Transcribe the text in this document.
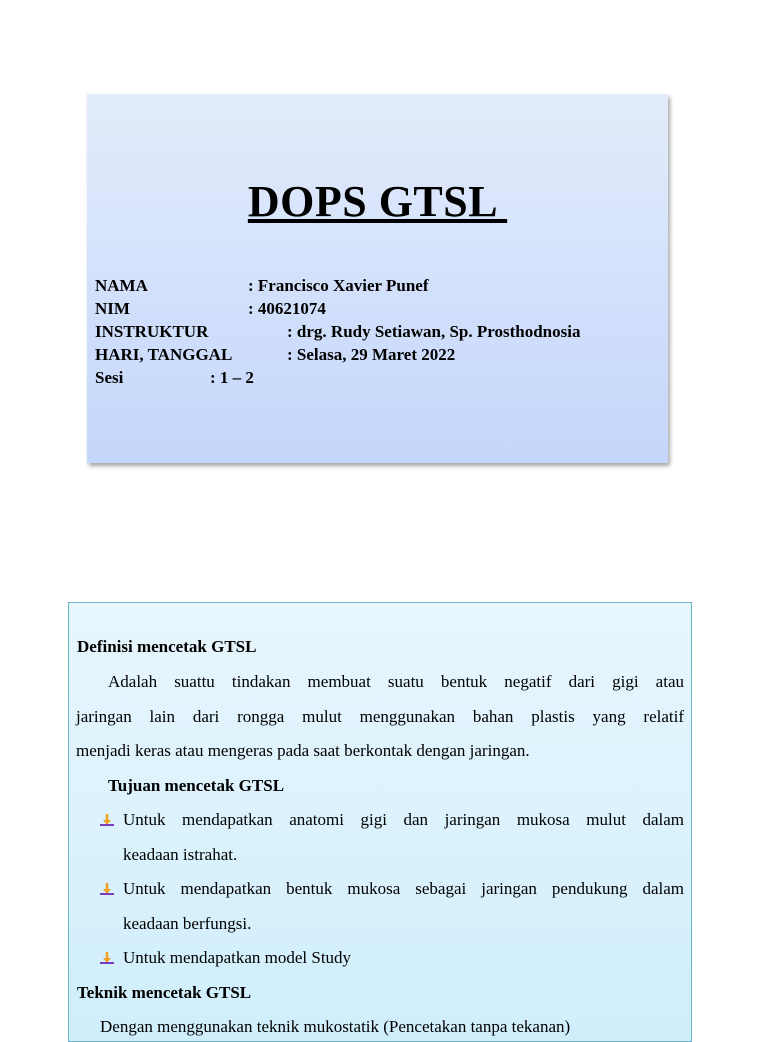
DOPS GTSL
NAMA	: Francisco Xavier Punef
NIM	: 40621074
INSTRUKTUR	: drg. Rudy Setiawan, Sp. Prosthodnosia
HARI, TANGGAL	: Selasa, 29 Maret 2022
Sesi	: 1 – 2
Definisi mencetak GTSL
Adalah suattu tindakan membuat suatu bentuk negatif dari gigi atau
jaringan lain dari rongga mulut menggunakan bahan plastis yang relatif
menjadi keras atau mengeras pada saat berkontak dengan jaringan.
Tujuan mencetak GTSL
Untuk mendapatkan anatomi gigi dan jaringan mukosa mulut dalam
keadaan istrahat.
Untuk mendapatkan bentuk mukosa sebagai jaringan pendukung dalam
keadaan berfungsi.
Untuk mendapatkan model Study
Teknik mencetak GTSL
Dengan menggunakan teknik mukostatik (Pencetakan tanpa tekanan)
